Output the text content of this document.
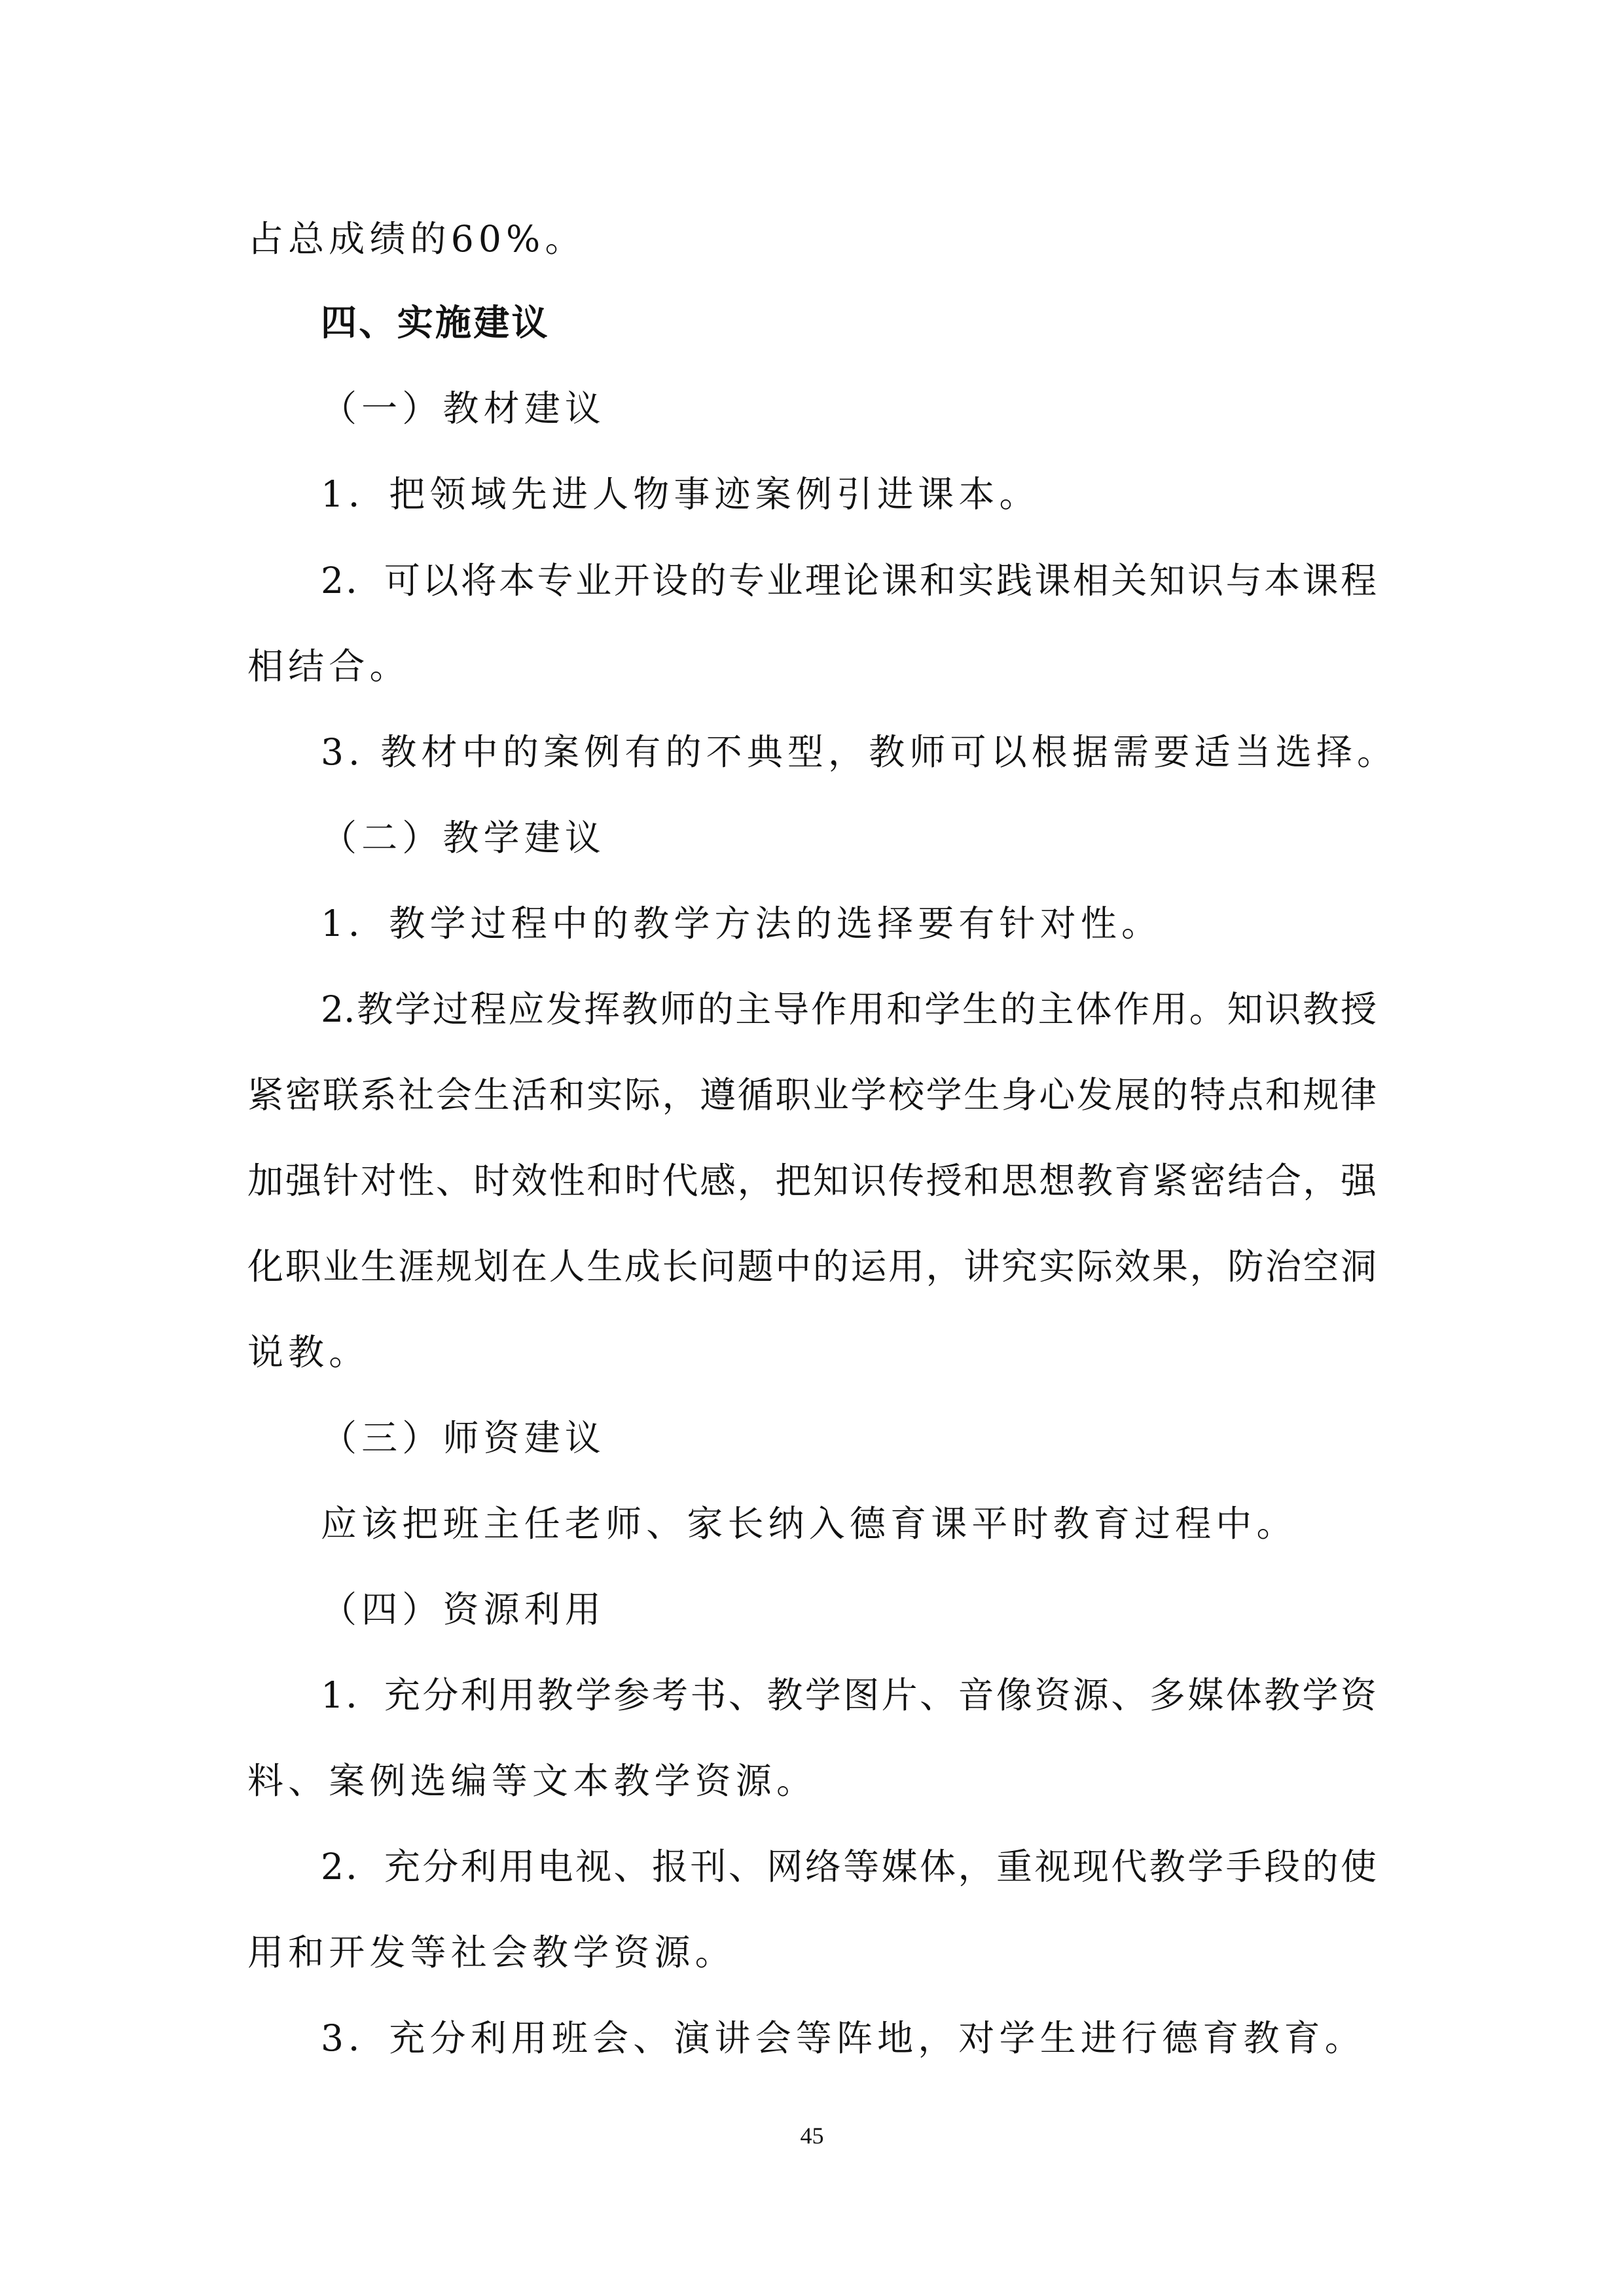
占总成绩的60%。
四、实施建议
（一）教材建议
1．把领域先进人物事迹案例引进课本。
2．可以将本专业开设的专业理论课和实践课相关知识与本课程
相结合。
3. 教材中的案例有的不典型，教师可以根据需要适当选择。
（二）教学建议
1．教学过程中的教学方法的选择要有针对性。
2.教学过程应发挥教师的主导作用和学生的主体作用。知识教授
紧密联系社会生活和实际，遵循职业学校学生身心发展的特点和规律
加强针对性、时效性和时代感，把知识传授和思想教育紧密结合，强
化职业生涯规划在人生成长问题中的运用，讲究实际效果，防治空洞
说教。
（三）师资建议
应该把班主任老师、家长纳入德育课平时教育过程中。
（四）资源利用
1．充分利用教学参考书、教学图片、音像资源、多媒体教学资
料、案例选编等文本教学资源。
2．充分利用电视、报刊、网络等媒体，重视现代教学手段的使
用和开发等社会教学资源。
3．充分利用班会、演讲会等阵地，对学生进行德育教育。
45
